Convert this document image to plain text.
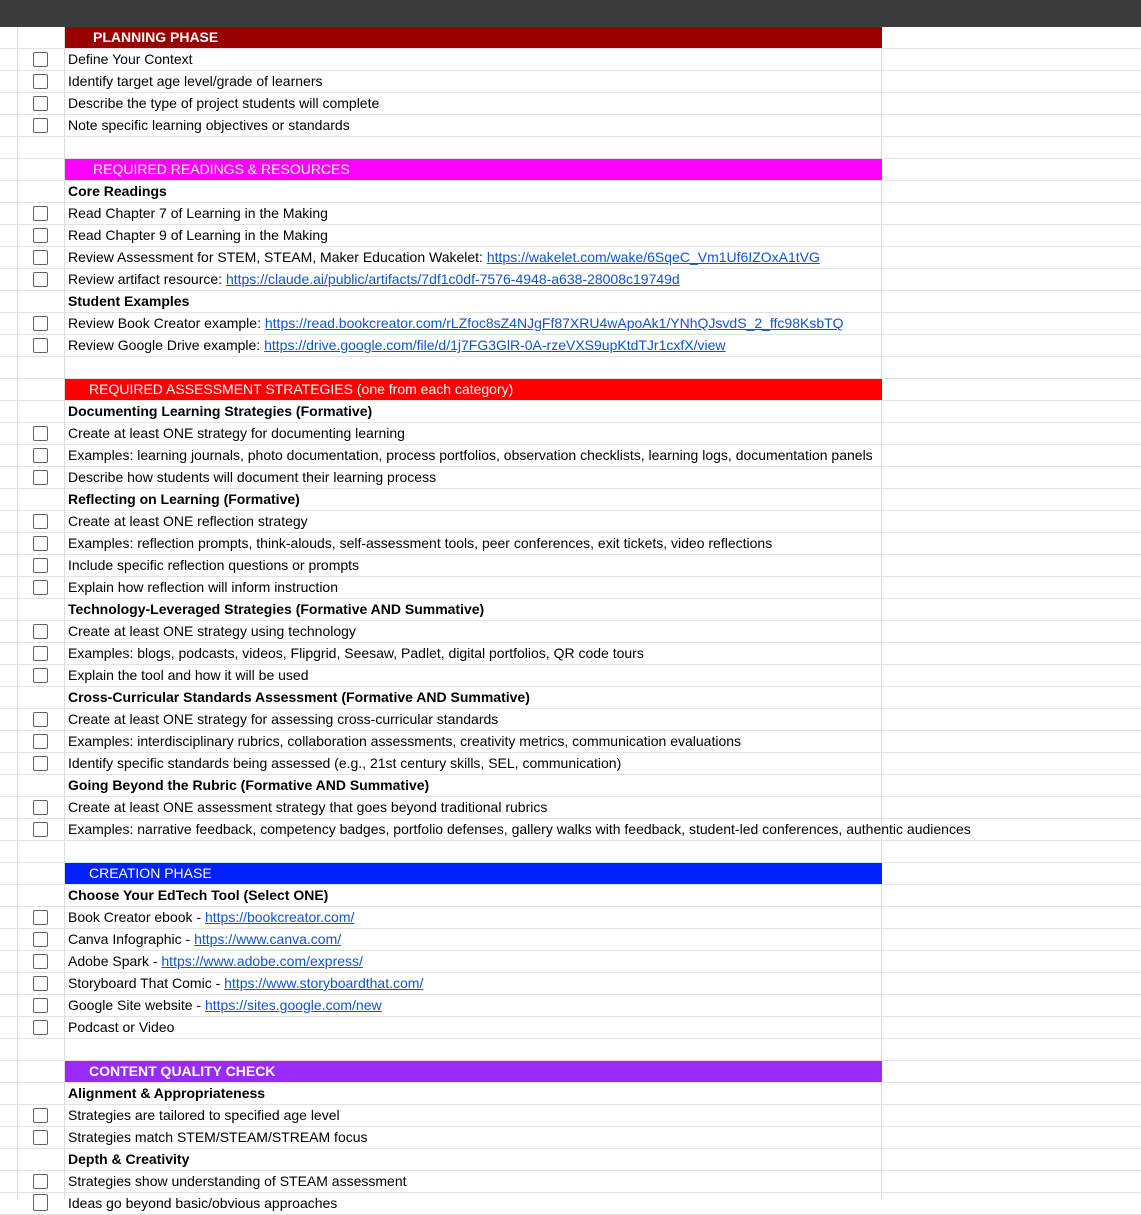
PLANNING PHASE
Define Your Context
Identify target age level/grade of learners
Describe the type of project students will complete
Note specific learning objectives or standards
REQUIRED READINGS & RESOURCES
Core Readings
Read Chapter 7 of Learning in the Making
Read Chapter 9 of Learning in the Making
Review Assessment for STEM, STEAM, Maker Education Wakelet: https://wakelet.com/wake/6SqeC_Vm1Uf6IZOxA1tVG
Review artifact resource: https://claude.ai/public/artifacts/7df1c0df-7576-4948-a638-28008c19749d
Student Examples
Review Book Creator example: https://read.bookcreator.com/rLZfoc8sZ4NJgFf87XRU4wApoAk1/YNhQJsvdS_2_ffc98KsbTQ
Review Google Drive example: https://drive.google.com/file/d/1j7FG3GlR-0A-rzeVXS9upKtdTJr1cxfX/view
REQUIRED ASSESSMENT STRATEGIES (one from each category)
Documenting Learning Strategies (Formative)
Create at least ONE strategy for documenting learning
Examples: learning journals, photo documentation, process portfolios, observation checklists, learning logs, documentation panels
Describe how students will document their learning process
Reflecting on Learning (Formative)
Create at least ONE reflection strategy
Examples: reflection prompts, think-alouds, self-assessment tools, peer conferences, exit tickets, video reflections
Include specific reflection questions or prompts
Explain how reflection will inform instruction
Technology-Leveraged Strategies (Formative AND Summative)
Create at least ONE strategy using technology
Examples: blogs, podcasts, videos, Flipgrid, Seesaw, Padlet, digital portfolios, QR code tours
Explain the tool and how it will be used
Cross-Curricular Standards Assessment (Formative AND Summative)
Create at least ONE strategy for assessing cross-curricular standards
Examples: interdisciplinary rubrics, collaboration assessments, creativity metrics, communication evaluations
Identify specific standards being assessed (e.g., 21st century skills, SEL, communication)
Going Beyond the Rubric (Formative AND Summative)
Create at least ONE assessment strategy that goes beyond traditional rubrics
Examples: narrative feedback, competency badges, portfolio defenses, gallery walks with feedback, student-led conferences, authentic audiences
CREATION PHASE
Choose Your EdTech Tool (Select ONE)
Book Creator ebook - https://bookcreator.com/
Canva Infographic - https://www.canva.com/
Adobe Spark - https://www.adobe.com/express/
Storyboard That Comic - https://www.storyboardthat.com/
Google Site website - https://sites.google.com/new
Podcast or Video
CONTENT QUALITY CHECK
Alignment & Appropriateness
Strategies are tailored to specified age level
Strategies match STEM/STEAM/STREAM focus
Depth & Creativity
Strategies show understanding of STEAM assessment
Ideas go beyond basic/obvious approaches
